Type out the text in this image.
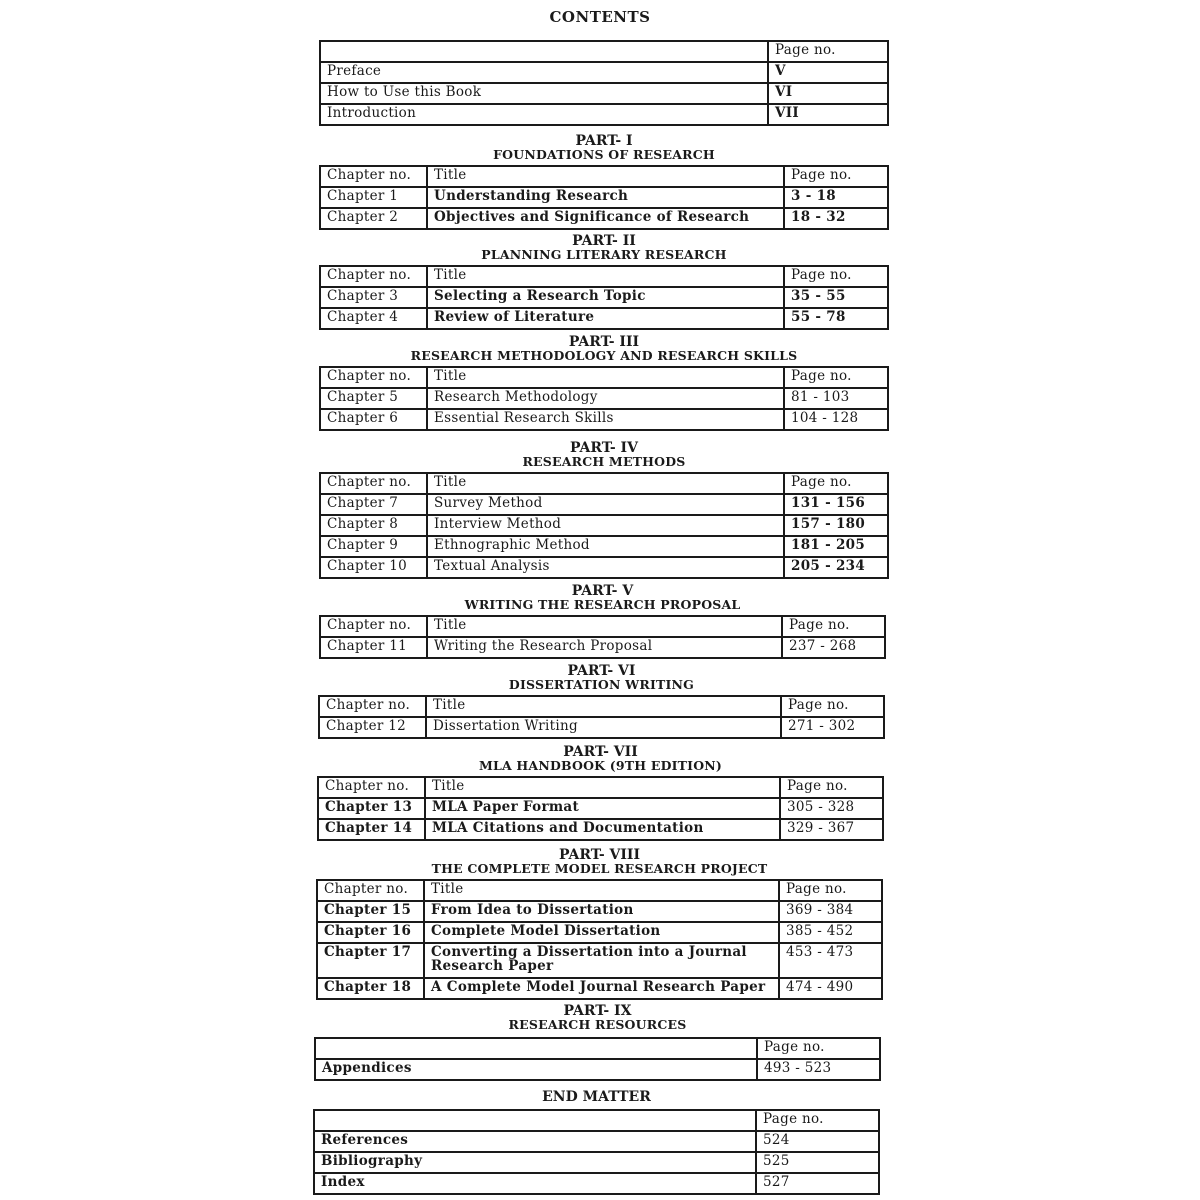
CONTENTS
	Page no.
Preface	V
How to Use this Book	VI
Introduction	VII
PART- I
FOUNDATIONS OF RESEARCH
Chapter no.	Title	Page no.
Chapter 1	Understanding Research	3 - 18
Chapter 2	Objectives and Significance of Research	18 - 32
PART- II
PLANNING LITERARY RESEARCH
Chapter no.	Title	Page no.
Chapter 3	Selecting a Research Topic	35 - 55
Chapter 4	Review of Literature	55 - 78
PART- III
RESEARCH METHODOLOGY AND RESEARCH SKILLS
Chapter no.	Title	Page no.
Chapter 5	Research Methodology	81 - 103
Chapter 6	Essential Research Skills	104 - 128
PART- IV
RESEARCH METHODS
Chapter no.	Title	Page no.
Chapter 7	Survey Method	131 - 156
Chapter 8	Interview Method	157 - 180
Chapter 9	Ethnographic Method	181 - 205
Chapter 10	Textual Analysis	205 - 234
PART- V
WRITING THE RESEARCH PROPOSAL
Chapter no.	Title	Page no.
Chapter 11	Writing the Research Proposal	237 - 268
PART- VI
DISSERTATION WRITING
Chapter no.	Title	Page no.
Chapter 12	Dissertation Writing	271 - 302
PART- VII
MLA HANDBOOK (9TH EDITION)
Chapter no.	Title	Page no.
Chapter 13	MLA Paper Format	305 - 328
Chapter 14	MLA Citations and Documentation	329 - 367
PART- VIII
THE COMPLETE MODEL RESEARCH PROJECT
Chapter no.	Title	Page no.
Chapter 15	From Idea to Dissertation	369 - 384
Chapter 16	Complete Model Dissertation	385 - 452
Chapter 17	Converting a Dissertation into a Journal Research Paper	453 - 473
Chapter 18	A Complete Model Journal Research Paper	474 - 490
PART- IX
RESEARCH RESOURCES
	Page no.
Appendices	493 - 523
END MATTER
	Page no.
References	524
Bibliography	525
Index	527
